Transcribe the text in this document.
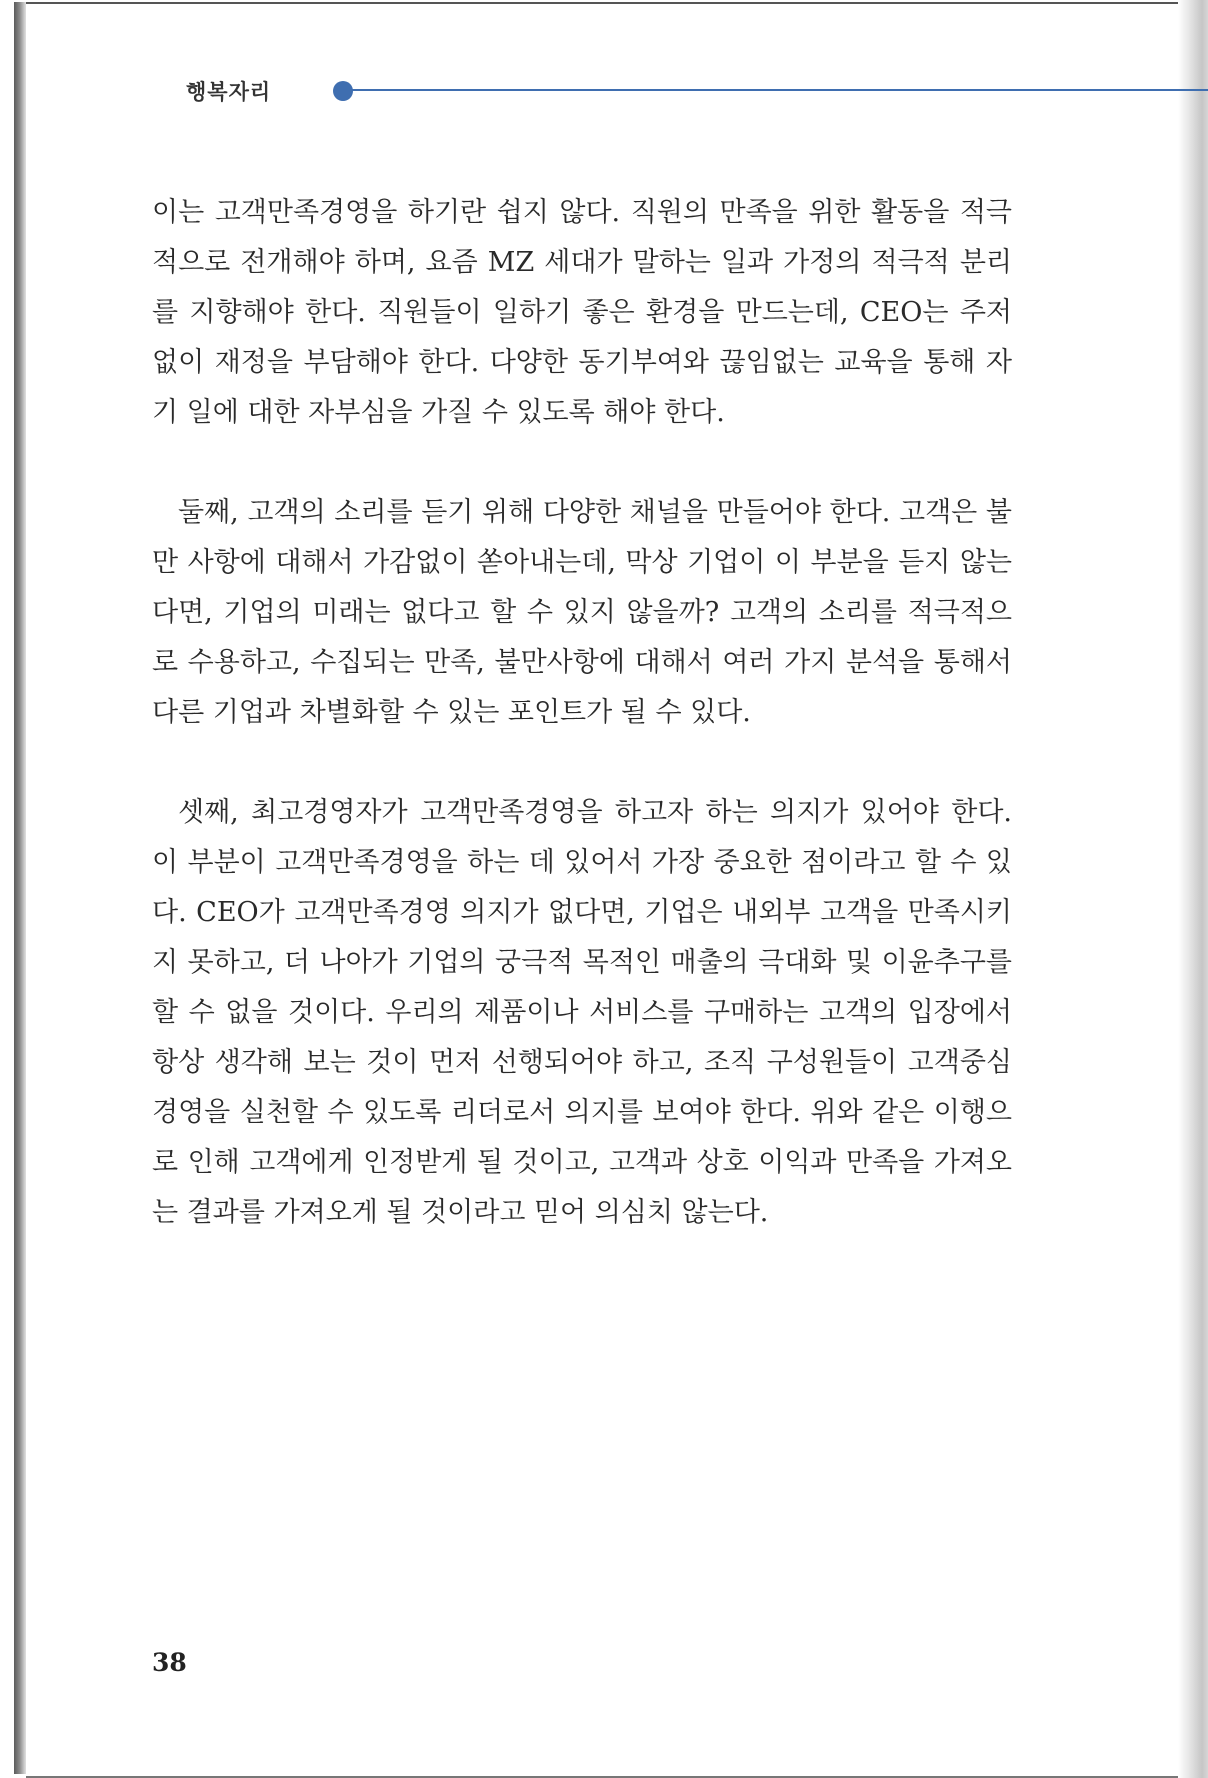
행복자리

이는 고객만족경영을 하기란 쉽지 않다. 직원의 만족을 위한 활동을 적극적으로 전개해야 하며, 요즘 MZ 세대가 말하는 일과 가정의 적극적 분리를 지향해야 한다. 직원들이 일하기 좋은 환경을 만드는데, CEO는 주저 없이 재정을 부담해야 한다. 다양한 동기부여와 끊임없는 교육을 통해 자기 일에 대한 자부심을 가질 수 있도록 해야 한다.

둘째, 고객의 소리를 듣기 위해 다양한 채널을 만들어야 한다. 고객은 불만 사항에 대해서 가감없이 쏟아내는데, 막상 기업이 이 부분을 듣지 않는다면, 기업의 미래는 없다고 할 수 있지 않을까? 고객의 소리를 적극적으로 수용하고, 수집되는 만족, 불만사항에 대해서 여러 가지 분석을 통해서 다른 기업과 차별화할 수 있는 포인트가 될 수 있다.

셋째, 최고경영자가 고객만족경영을 하고자 하는 의지가 있어야 한다. 이 부분이 고객만족경영을 하는 데 있어서 가장 중요한 점이라고 할 수 있다. CEO가 고객만족경영 의지가 없다면, 기업은 내외부 고객을 만족시키지 못하고, 더 나아가 기업의 궁극적 목적인 매출의 극대화 및 이윤추구를 할 수 없을 것이다. 우리의 제품이나 서비스를 구매하는 고객의 입장에서 항상 생각해 보는 것이 먼저 선행되어야 하고, 조직 구성원들이 고객중심 경영을 실천할 수 있도록 리더로서 의지를 보여야 한다. 위와 같은 이행으로 인해 고객에게 인정받게 될 것이고, 고객과 상호 이익과 만족을 가져오는 결과를 가져오게 될 것이라고 믿어 의심치 않는다.

38
